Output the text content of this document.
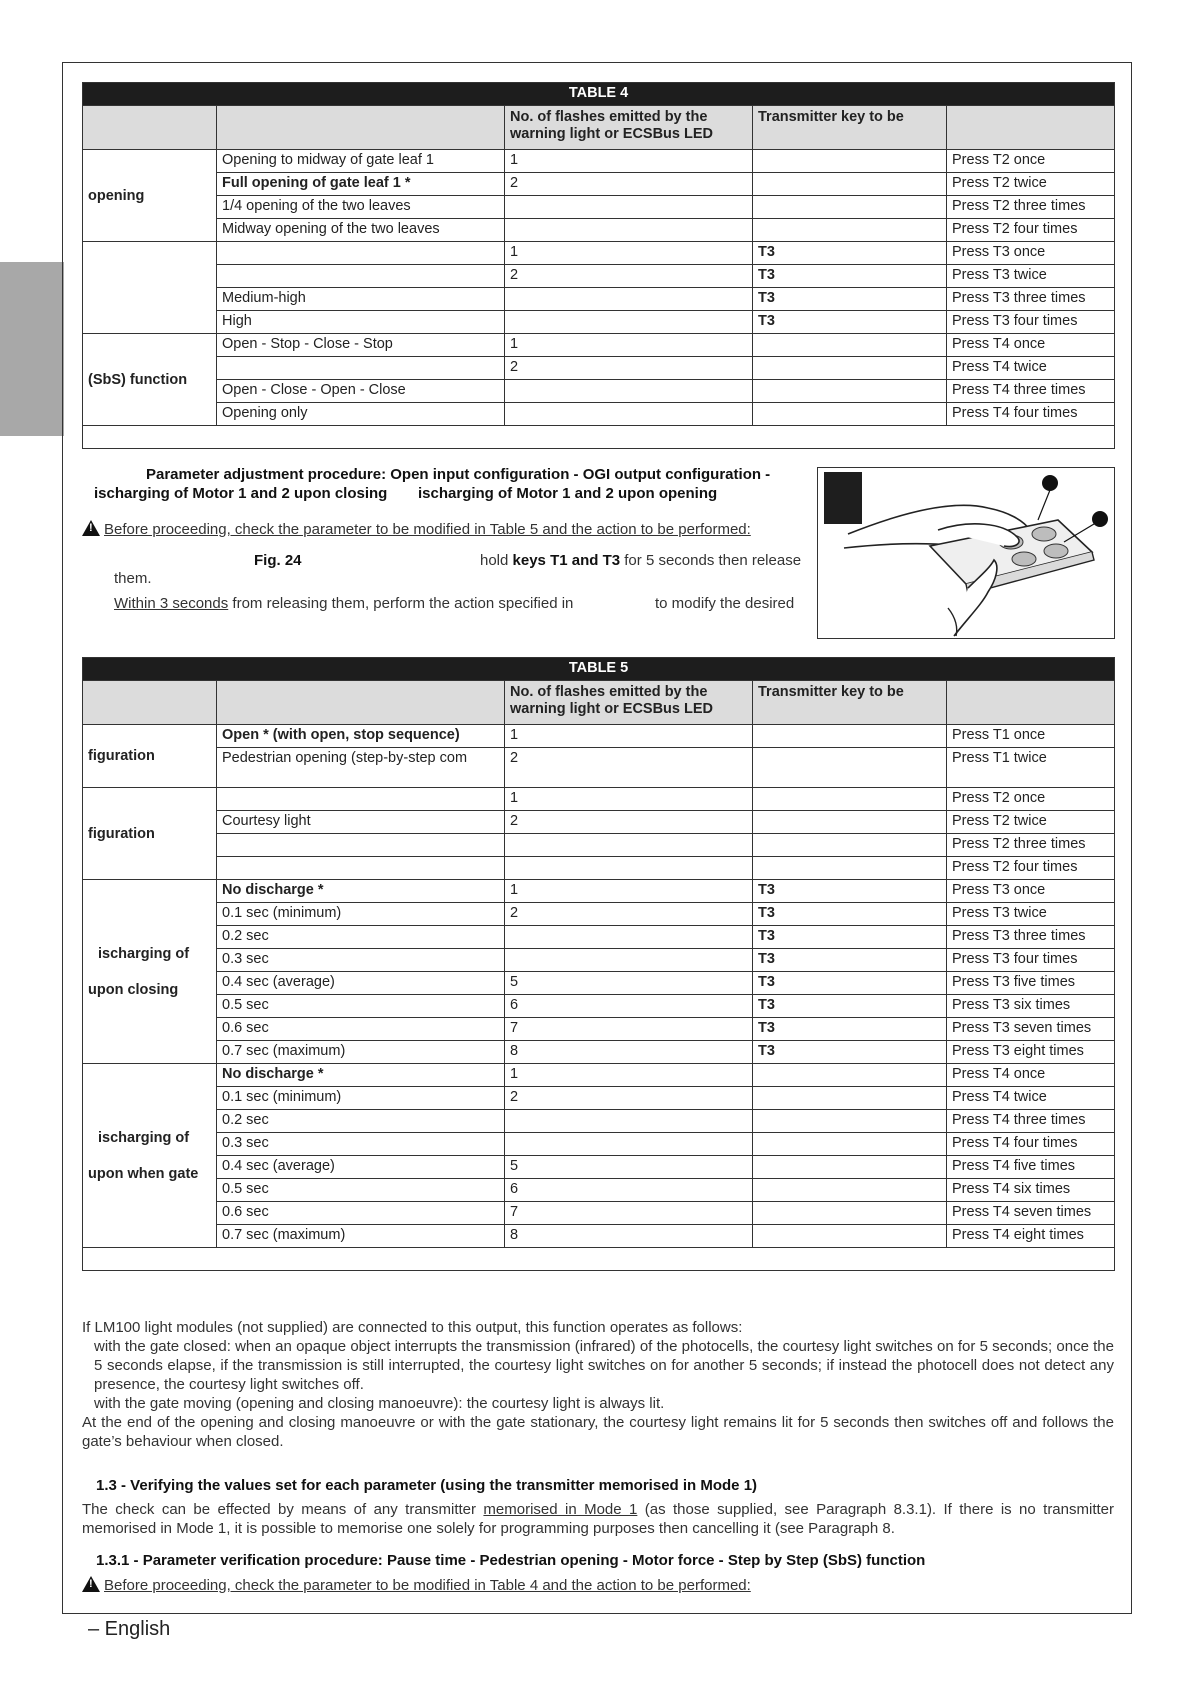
TABLE 4				
		No. of flashes emitted by the warning light or ECSBus LED	Transmitter key to be	

opening	Opening to midway of gate leaf 1	1		Press T2 once
	Full opening of gate leaf 1 *	2		Press T2 twice
	1/4 opening of the two leaves			Press T2 three times
	Midway opening of the two leaves			Press T2 four times
		1	T3	Press T3 once
		2	T3	Press T3 twice
	Medium-high		T3	Press T3 three times
	High		T3	Press T3 four times

(SbS) function	Open - Stop - Close - Stop	1		Press T4 once
		2		Press T4 twice
	Open - Close - Open - Close			Press T4 three times
	Opening only			Press T4 four times

Parameter adjustment procedure: Open input configuration - OGI output configuration -
ischarging of Motor 1 and 2 upon closing ischarging of Motor 1 and 2 upon opening
!Before proceeding, check the parameter to be modified in Table 5 and the action to be performed:
Fig. 24	hold keys T1 and T3 for 5 seconds then release
them.
Within 3 seconds from releasing them, perform the action specified in	to modify the desired
TABLE 5				
		No. of flashes emitted by the warning light or ECSBus LED	Transmitter key to be	

figuration	Open * (with open, stop sequence)	1		Press T1 once
	Pedestrian opening (step-by-step com	2		Press T1 twice

figuration		1		Press T2 once
	Courtesy light	2		Press T2 twice
				Press T2 three times
				Press T2 four times

ischarging of

upon closing	No discharge *	1	T3	Press T3 once
	0.1 sec (minimum)	2	T3	Press T3 twice
	0.2 sec		T3	Press T3 three times
	0.3 sec		T3	Press T3 four times
	0.4 sec (average)	5	T3	Press T3 five times
	0.5 sec	6	T3	Press T3 six times
	0.6 sec	7	T3	Press T3 seven times
	0.7 sec (maximum)	8	T3	Press T3 eight times

ischarging of

upon when gate	No discharge *	1		Press T4 once
	0.1 sec (minimum)	2		Press T4 twice
	0.2 sec			Press T4 three times
	0.3 sec			Press T4 four times
	0.4 sec (average)	5		Press T4 five times
	0.5 sec	6		Press T4 six times
	0.6 sec	7		Press T4 seven times
	0.7 sec (maximum)	8		Press T4 eight times

If LM100 light modules (not supplied) are connected to this output, this function operates as follows:
with the gate closed: when an opaque object interrupts the transmission (infrared) of the photocells, the courtesy light switches on for 5 seconds; once the 5 seconds elapse, if the transmission is still interrupted, the courtesy light switches on for another 5 seconds; if instead the photocell does not detect any presence, the courtesy light switches off.
with the gate moving (opening and closing manoeuvre): the courtesy light is always lit.
At the end of the opening and closing manoeuvre or with the gate stationary, the courtesy light remains lit for 5 seconds then switches off and follows the gate’s behaviour when closed.
1.3 - Verifying the values set for each parameter (using the transmitter memorised in Mode 1)
The check can be effected by means of any transmitter memorised in Mode 1 (as those supplied, see Paragraph 8.3.1). If there is no transmitter memorised in Mode 1, it is possible to memorise one solely for programming purposes then cancelling it (see Paragraph 8.
1.3.1 - Parameter verification procedure: Pause time - Pedestrian opening - Motor force - Step by Step (SbS) function
!Before proceeding, check the parameter to be modified in Table 4 and the action to be performed:
– English
